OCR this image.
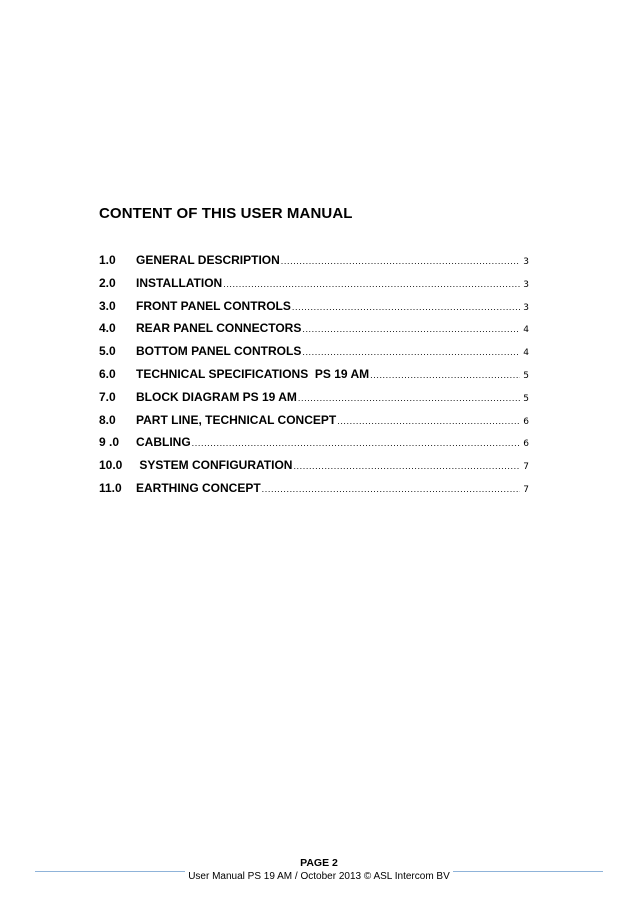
CONTENT OF THIS USER MANUAL
1.0	GENERAL DESCRIPTION .....	3
2.0	INSTALLATION .....	3
3.0	FRONT PANEL CONTROLS .....	3
4.0	REAR PANEL CONNECTORS .....	4
5.0	BOTTOM PANEL CONTROLS .....	4
6.0	TECHNICAL SPECIFICATIONS  PS 19 AM .....	5
7.0	BLOCK DIAGRAM PS 19 AM .....	5
8.0	PART LINE, TECHNICAL CONCEPT .....	6
9 .0	CABLING .....	6
10.0	SYSTEM CONFIGURATION .....	7
11.0	EARTHING CONCEPT .....	7
PAGE 2
User Manual PS 19 AM / October 2013 © ASL Intercom BV
